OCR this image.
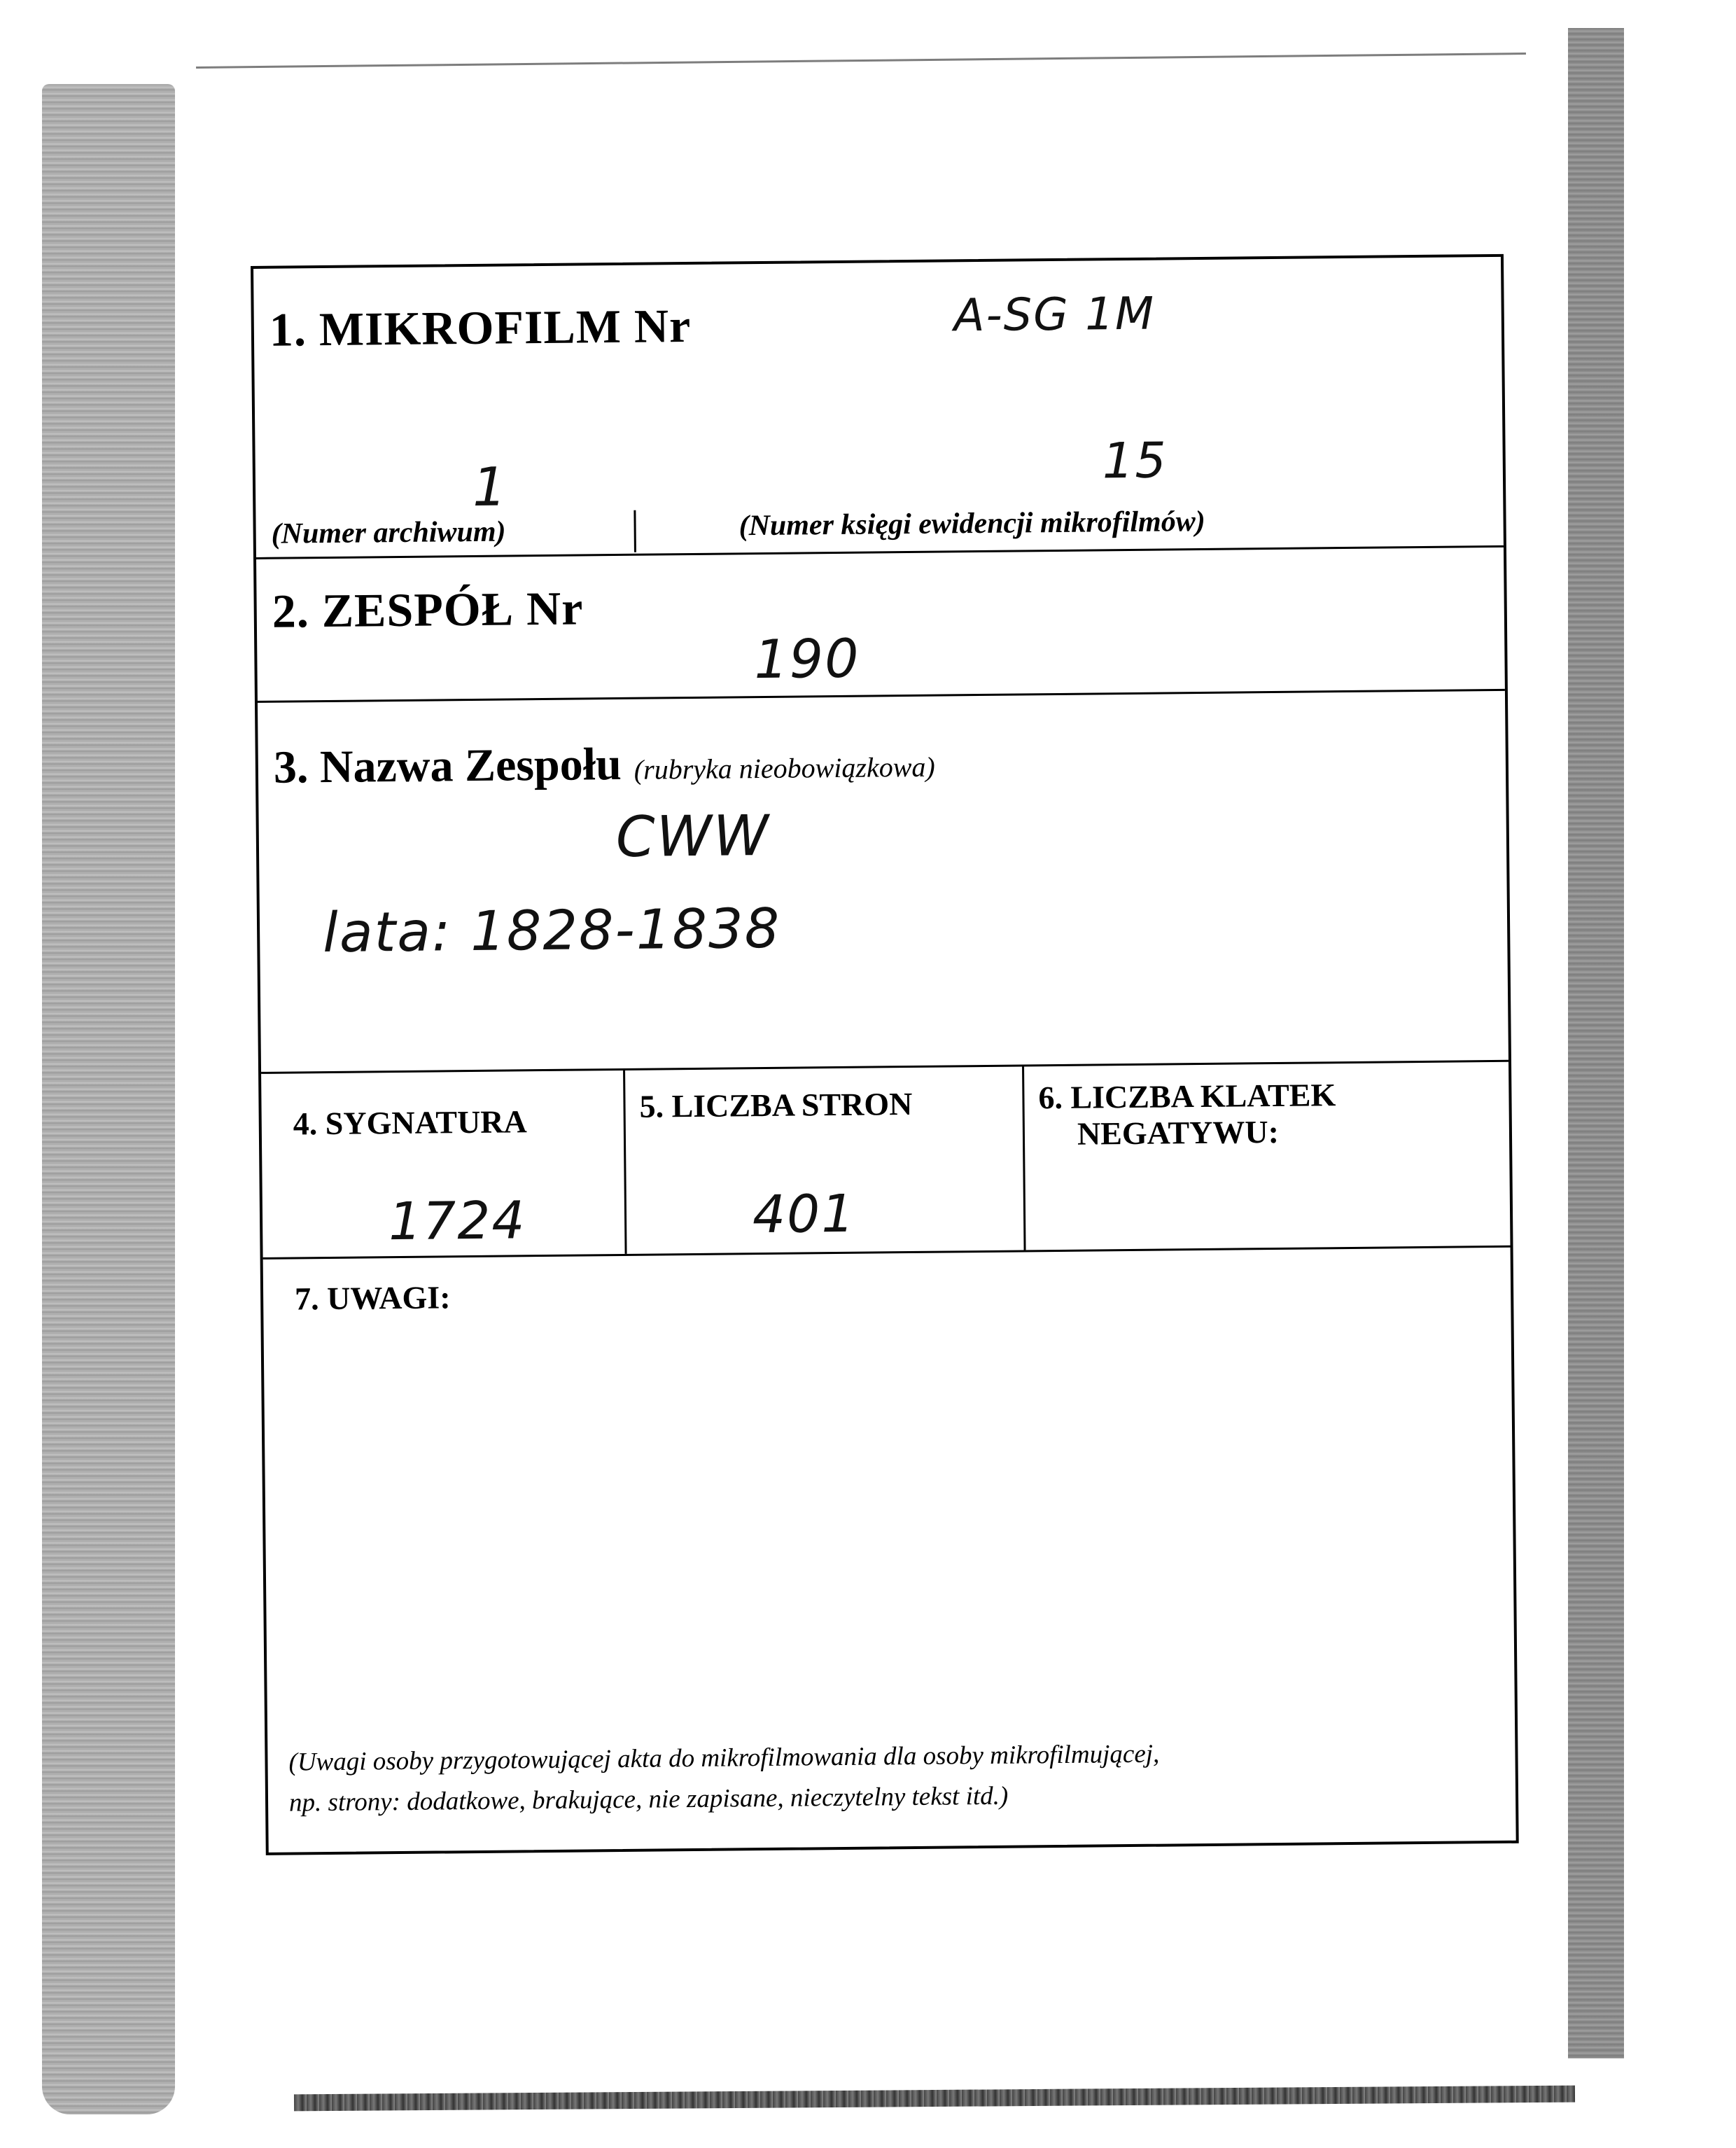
1. MIKROFILM Nr	A-SG 1M
1	15
(Numer archiwum)	(Numer księgi ewidencji mikrofilmów)
2. ZESPÓŁ Nr
190
3. Nazwa Zespołu (rubryka nieobowiązkowa)
CWW
lata: 1828-1838
4. SYGNATURA
1724
5. LICZBA STRON
401
6. LICZBA KLATEK
NEGATYWU:
7. UWAGI:
(Uwagi osoby przygotowującej akta do mikrofilmowania dla osoby mikrofilmującej,
np. strony: dodatkowe, brakujące, nie zapisane, nieczytelny tekst itd.)
